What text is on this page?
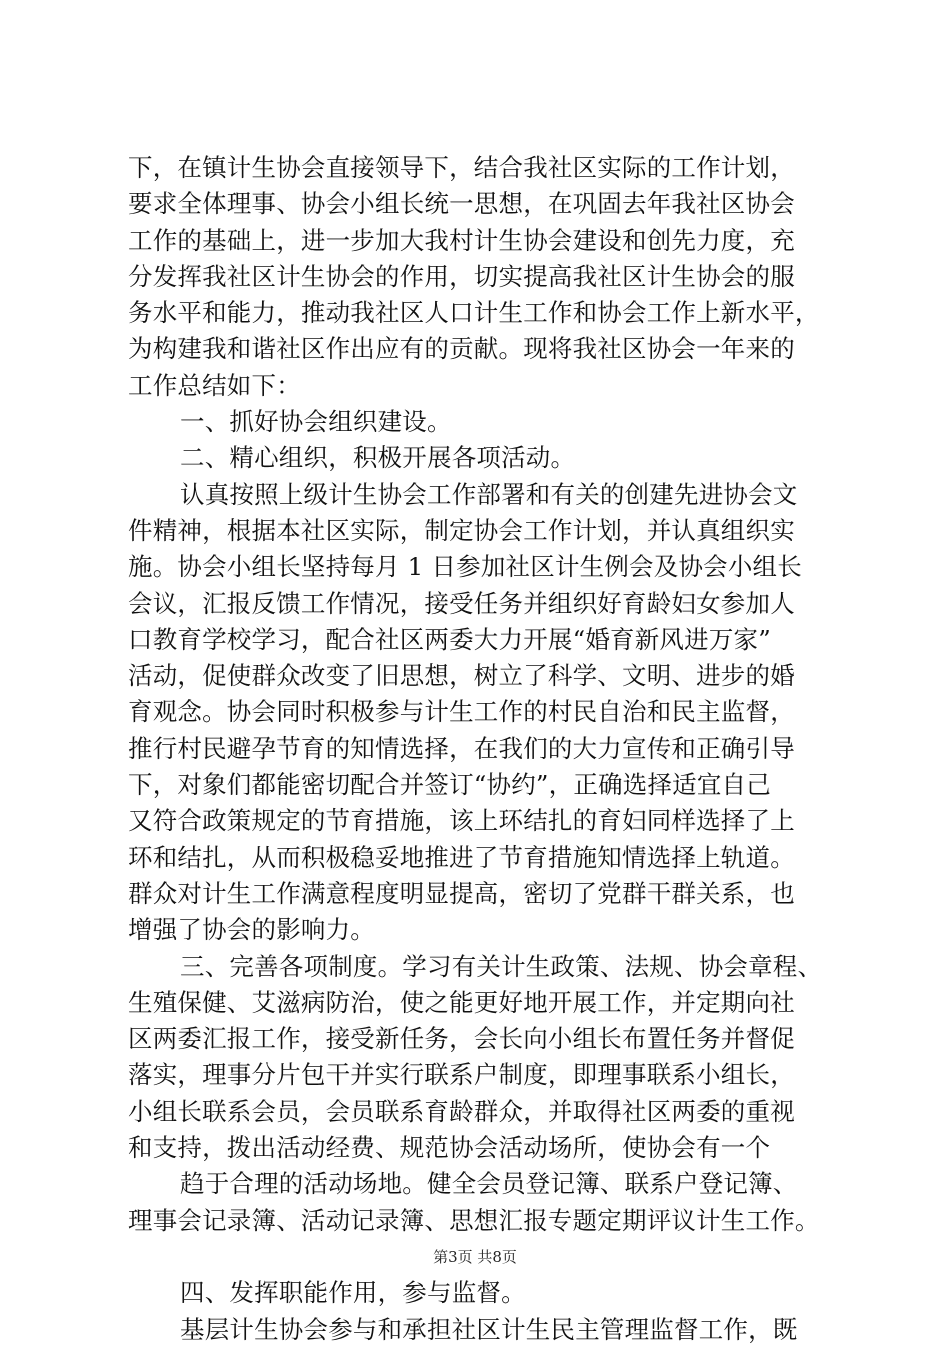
下，在镇计生协会直接领导下，结合我社区实际的工作计划，
要求全体理事、协会小组长统一思想，在巩固去年我社区协会
工作的基础上，进一步加大我村计生协会建设和创先力度，充
分发挥我社区计生协会的作用，切实提高我社区计生协会的服
务水平和能力，推动我社区人口计生工作和协会工作上新水平，
为构建我和谐社区作出应有的贡献。现将我社区协会一年来的
工作总结如下：
一、抓好协会组织建设。
二、精心组织，积极开展各项活动。
认真按照上级计生协会工作部署和有关的创建先进协会文
件精神，根据本社区实际，制定协会工作计划，并认真组织实
施。协会小组长坚持每月 1 日参加社区计生例会及协会小组长
会议，汇报反馈工作情况，接受任务并组织好育龄妇女参加人
口教育学校学习，配合社区两委大力开展“婚育新风进万家”
活动，促使群众改变了旧思想，树立了科学、文明、进步的婚
育观念。协会同时积极参与计生工作的村民自治和民主监督，
推行村民避孕节育的知情选择，在我们的大力宣传和正确引导
下，对象们都能密切配合并签订“协约”，正确选择适宜自己
又符合政策规定的节育措施，该上环结扎的育妇同样选择了上
环和结扎，从而积极稳妥地推进了节育措施知情选择上轨道。
群众对计生工作满意程度明显提高，密切了党群干群关系，也
增强了协会的影响力。
三、完善各项制度。学习有关计生政策、法规、协会章程、
生殖保健、艾滋病防治，使之能更好地开展工作，并定期向社
区两委汇报工作，接受新任务，会长向小组长布置任务并督促
落实，理事分片包干并实行联系户制度，即理事联系小组长，
小组长联系会员，会员联系育龄群众，并取得社区两委的重视
和支持，拨出活动经费、规范协会活动场所，使协会有一个
趋于合理的活动场地。健全会员登记簿、联系户登记簿、
理事会记录簿、活动记录簿、思想汇报专题定期评议计生工作。
四、发挥职能作用，参与监督。
基层计生协会参与和承担社区计生民主管理监督工作，既
第3页 共8页
